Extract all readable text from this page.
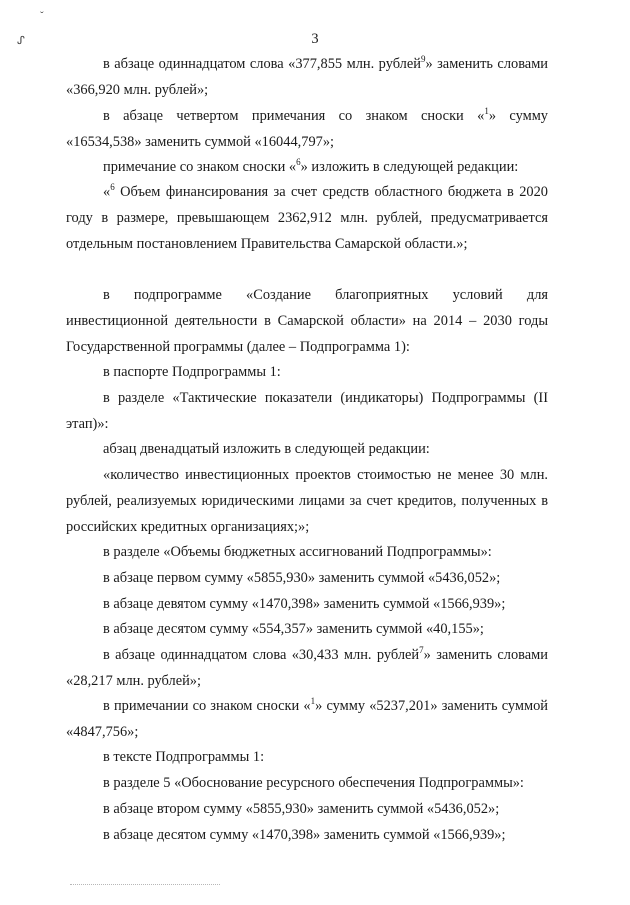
ˇ
ᔑ	3
в абзаце одиннадцатом слова «377,855 млн. рублей$^9$» заменить словами «366,920 млн. рублей»;
в абзаце четвертом примечания со знаком сноски «$^1$» сумму «16534,538» заменить суммой «16044,797»;
примечание со знаком сноски «$^6$» изложить в следующей редакции:
«$^6$ Объем финансирования за счет средств областного бюджета в 2020 году в размере, превышающем 2362,912 млн. рублей, предусматривается отдельным постановлением Правительства Самарской области.»;
в подпрограмме «Создание благоприятных условий для инвестиционной деятельности в Самарской области» на 2014 – 2030 годы Государственной программы (далее – Подпрограмма 1):
в паспорте Подпрограммы 1:
в разделе «Тактические показатели (индикаторы) Подпрограммы (II этап)»:
абзац двенадцатый изложить в следующей редакции:
«количество инвестиционных проектов стоимостью не менее 30 млн. рублей, реализуемых юридическими лицами за счет кредитов, полученных в российских кредитных организациях;»;
в разделе «Объемы бюджетных ассигнований Подпрограммы»:
в абзаце первом сумму «5855,930» заменить суммой «5436,052»;
в абзаце девятом сумму «1470,398» заменить суммой «1566,939»;
в абзаце десятом сумму «554,357» заменить суммой «40,155»;
в абзаце одиннадцатом слова «30,433 млн. рублей$^7$» заменить словами «28,217 млн. рублей»;
в примечании со знаком сноски «$^1$» сумму «5237,201» заменить суммой «4847,756»;
в тексте Подпрограммы 1:
в разделе 5 «Обоснование ресурсного обеспечения Подпрограммы»:
в абзаце втором сумму «5855,930» заменить суммой «5436,052»;
в абзаце десятом сумму «1470,398» заменить суммой «1566,939»;
